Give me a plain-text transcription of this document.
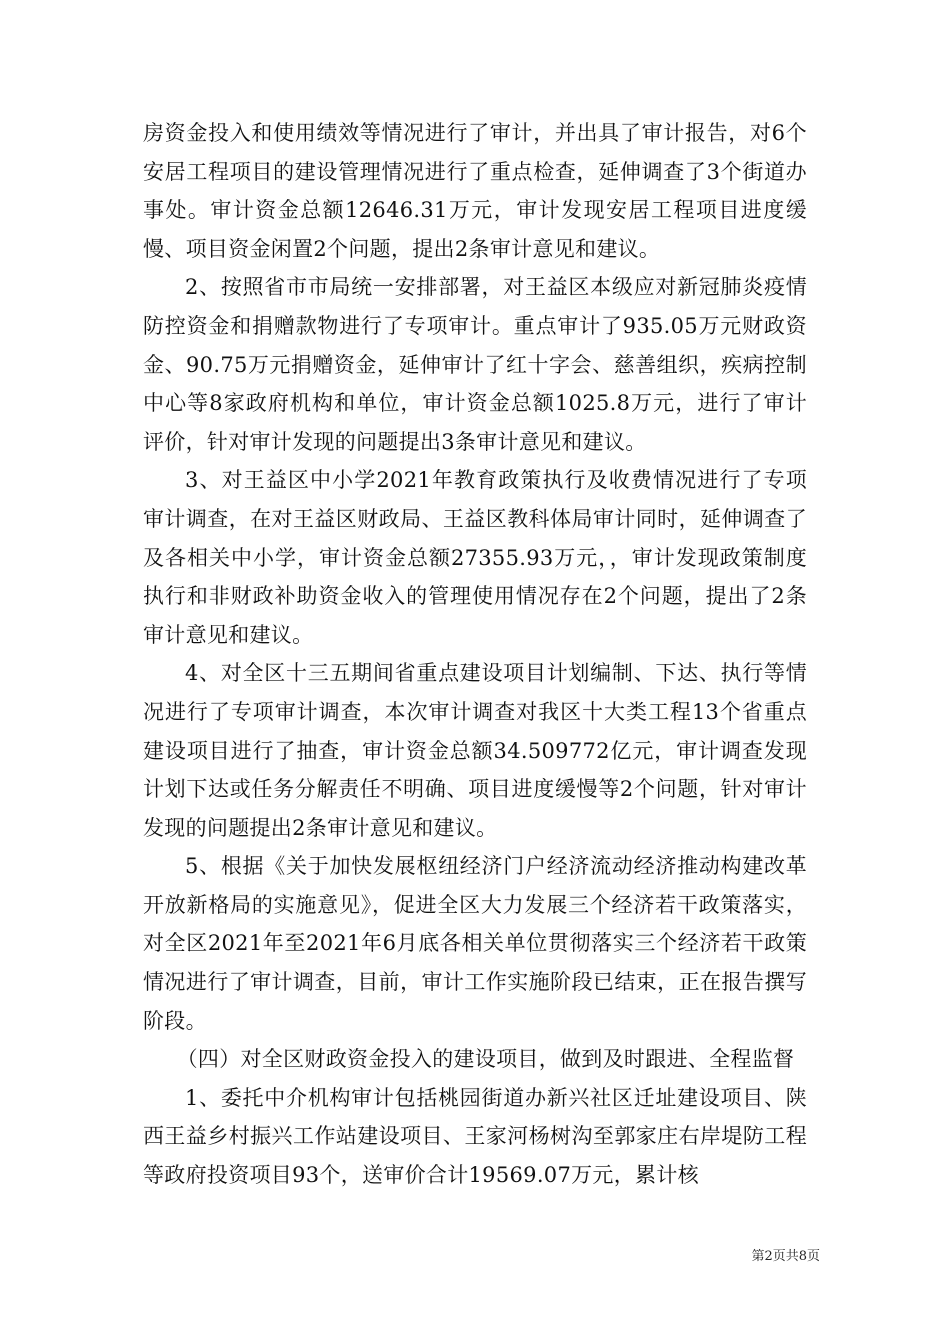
房资金投入和使用绩效等情况进行了审计，并出具了审计报告，对6个安居工程项目的建设管理情况进行了重点检查，延伸调查了3个街道办事处。审计资金总额12646.31万元，审计发现安居工程项目进度缓慢、项目资金闲置2个问题，提出2条审计意见和建议。

2、按照省市市局统一安排部署，对王益区本级应对新冠肺炎疫情防控资金和捐赠款物进行了专项审计。重点审计了935.05万元财政资金、90.75万元捐赠资金，延伸审计了红十字会、慈善组织，疾病控制中心等8家政府机构和单位，审计资金总额1025.8万元，进行了审计评价，针对审计发现的问题提出3条审计意见和建议。

3、对王益区中小学2021年教育政策执行及收费情况进行了专项审计调查，在对王益区财政局、王益区教科体局审计同时，延伸调查了及各相关中小学，审计资金总额27355.93万元，，审计发现政策制度执行和非财政补助资金收入的管理使用情况存在2个问题，提出了2条审计意见和建议。

4、对全区十三五期间省重点建设项目计划编制、下达、执行等情况进行了专项审计调查，本次审计调查对我区十大类工程13个省重点建设项目进行了抽查，审计资金总额34.509772亿元，审计调查发现计划下达或任务分解责任不明确、项目进度缓慢等2个问题，针对审计发现的问题提出2条审计意见和建议。

5、根据《关于加快发展枢纽经济门户经济流动经济推动构建改革开放新格局的实施意见》，促进全区大力发展三个经济若干政策落实，对全区2021年至2021年6月底各相关单位贯彻落实三个经济若干政策情况进行了审计调查，目前，审计工作实施阶段已结束，正在报告撰写阶段。

（四）对全区财政资金投入的建设项目，做到及时跟进、全程监督

1、委托中介机构审计包括桃园街道办新兴社区迁址建设项目、陕西王益乡村振兴工作站建设项目、王家河杨树沟至郭家庄右岸堤防工程等政府投资项目93个，送审价合计19569.07万元，累计核

第2页共8页
